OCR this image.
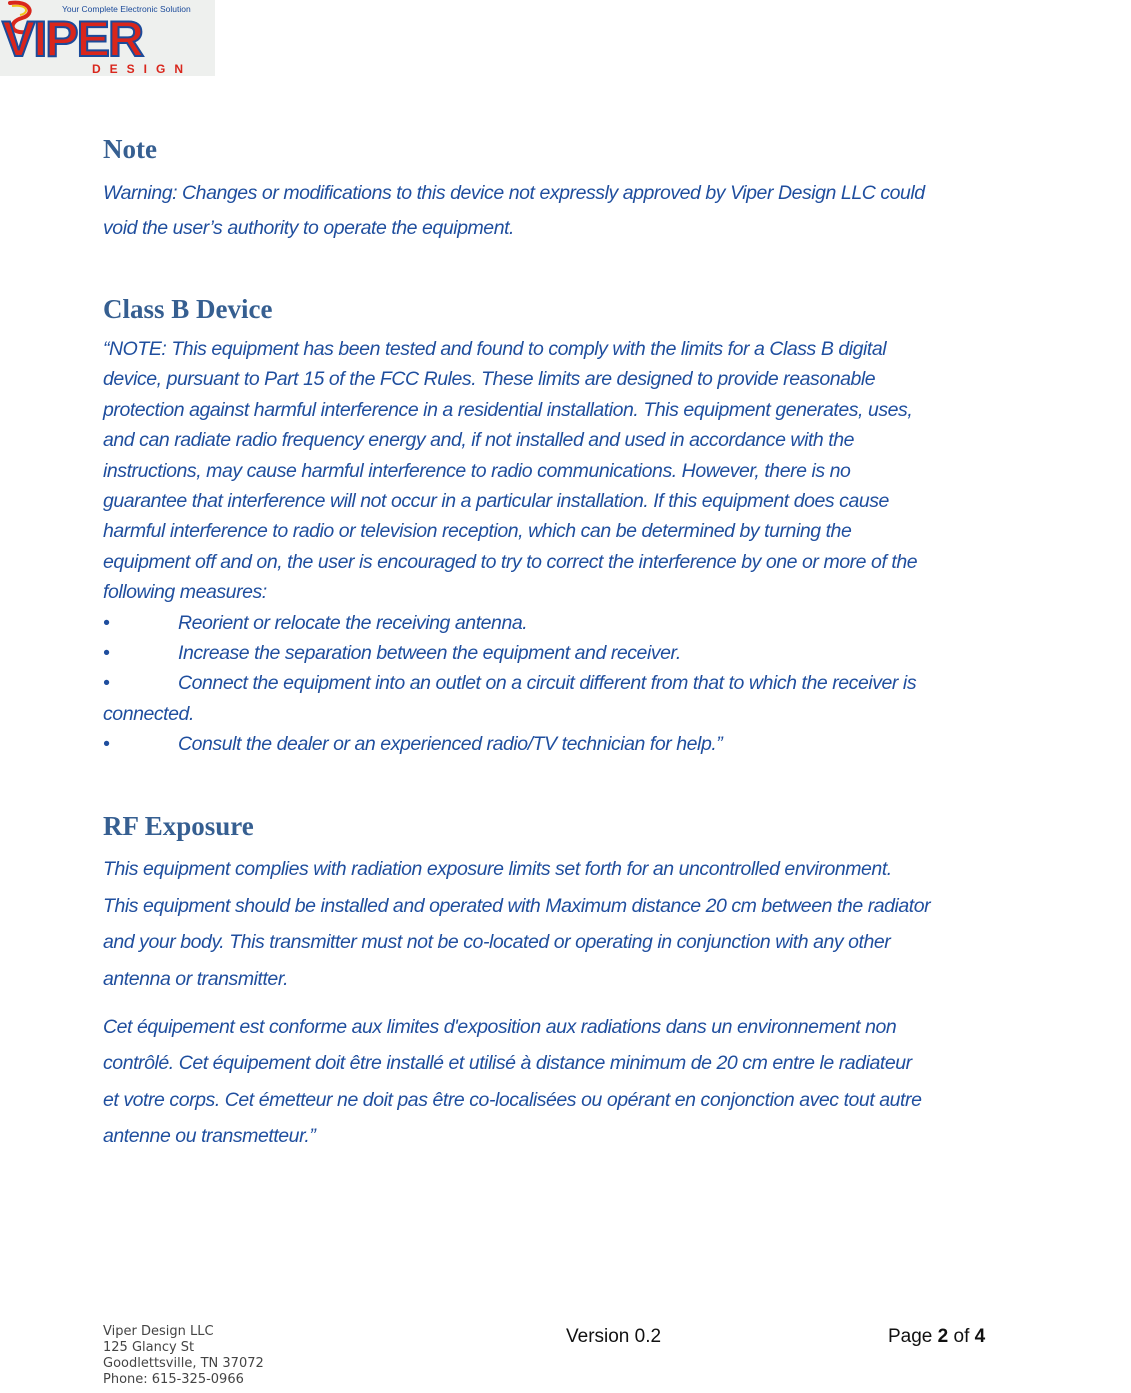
Your Complete Electronic Solution
VIPER
DESIGN
Note
Warning: Changes or modifications to this device not expressly approved by Viper Design LLC could
void the user’s authority to operate the equipment.
Class B Device
“NOTE: This equipment has been tested and found to comply with the limits for a Class B digital
device, pursuant to Part 15 of the FCC Rules. These limits are designed to provide reasonable
protection against harmful interference in a residential installation. This equipment generates, uses,
and can radiate radio frequency energy and, if not installed and used in accordance with the
instructions, may cause harmful interference to radio communications. However, there is no
guarantee that interference will not occur in a particular installation. If this equipment does cause
harmful interference to radio or television reception, which can be determined by turning the
equipment off and on, the user is encouraged to try to correct the interference by one or more of the
following measures:
•	Reorient or relocate the receiving antenna.
•	Increase the separation between the equipment and receiver.
•	Connect the equipment into an outlet on a circuit different from that to which the receiver is
connected.
•	Consult the dealer or an experienced radio/TV technician for help.”
RF Exposure
This equipment complies with radiation exposure limits set forth for an uncontrolled environment.
This equipment should be installed and operated with Maximum distance 20 cm between the radiator
and your body. This transmitter must not be co-located or operating in conjunction with any other
antenna or transmitter.
Cet équipement est conforme aux limites d'exposition aux radiations dans un environnement non
contrôlé. Cet équipement doit être installé et utilisé à distance minimum de 20 cm entre le radiateur
et votre corps. Cet émetteur ne doit pas être co-localisées ou opérant en conjonction avec tout autre
antenne ou transmetteur.”
Viper Design LLC
125 Glancy St
Goodlettsville, TN 37072
Phone: 615-325-0966
Version 0.2	Page 2 of 4
